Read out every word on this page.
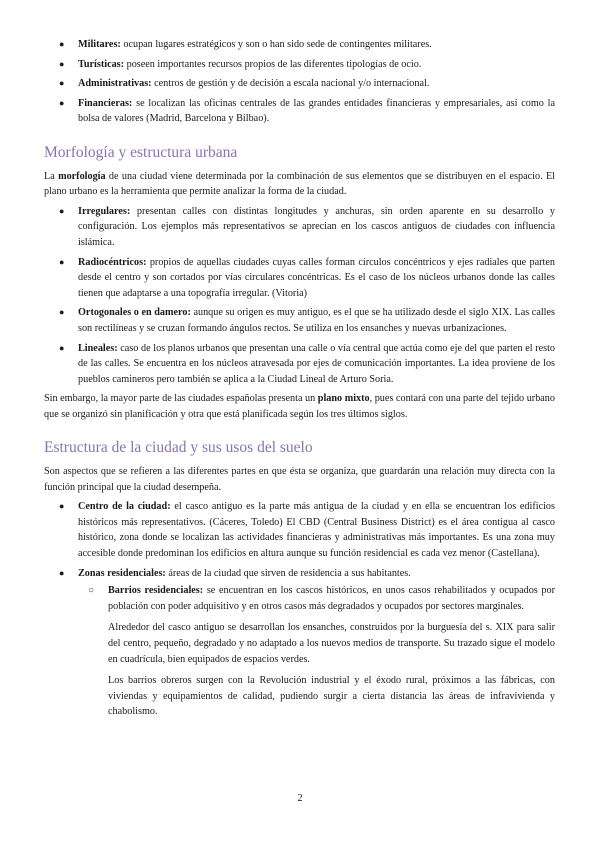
● Militares: ocupan lugares estratégicos y son o han sido sede de contingentes militares.
● Turísticas: poseen importantes recursos propios de las diferentes tipologías de ocio.
● Administrativas: centros de gestión y de decisión a escala nacional y/o internacional.
● Financieras: se localizan las oficinas centrales de las grandes entidades financieras y empresariales, así como la bolsa de valores (Madrid, Barcelona y Bilbao).
Morfología y estructura urbana

La morfología de una ciudad viene determinada por la combinación de sus elementos que se distribuyen en el espacio. El plano urbano es la herramienta que permite analizar la forma de la ciudad.

● Irregulares: presentan calles con distintas longitudes y anchuras, sin orden aparente en su desarrollo y configuración. Los ejemplos más representativos se aprecian en los cascos antiguos de ciudades con influencia islámica.
● Radiocéntricos: propios de aquellas ciudades cuyas calles forman círculos concéntricos y ejes radiales que parten desde el centro y son cortados por vías circulares concéntricas. Es el caso de los núcleos urbanos donde las calles tienen que adaptarse a una topografía irregular. (Vitoria)
● Ortogonales o en damero: aunque su origen es muy antiguo, es el que se ha utilizado desde el siglo XIX. Las calles son rectilíneas y se cruzan formando ángulos rectos. Se utiliza en los ensanches y nuevas urbanizaciones.
● Lineales: caso de los planos urbanos que presentan una calle o vía central que actúa como eje del que parten el resto de las calles. Se encuentra en los núcleos atravesada por ejes de comunicación importantes. La idea proviene de los pueblos camineros pero también se aplica a la Ciudad Lineal de Arturo Soria.

Sin embargo, la mayor parte de las ciudades españolas presenta un plano mixto, pues contará con una parte del tejido urbano que se organizó sin planificación y otra que está planificada según los tres últimos siglos.

Estructura de la ciudad y sus usos del suelo

Son aspectos que se refieren a las diferentes partes en que ésta se organiza, que guardarán una relación muy directa con la función principal que la ciudad desempeña.

● Centro de la ciudad: el casco antiguo es la parte más antigua de la ciudad y en ella se encuentran los edificios históricos más representativos. (Cáceres, Toledo) El CBD (Central Business District) es el área contigua al casco histórico, zona donde se localizan las actividades financieras y administrativas más importantes. Es una zona muy accesible donde predominan los edificios en altura aunque su función residencial es cada vez menor (Castellana).
● Zonas residenciales: áreas de la ciudad que sirven de residencia a sus habitantes.
○ Barrios residenciales: se encuentran en los cascos históricos, en unos casos rehabilitados y ocupados por población con poder adquisitivo y en otros casos más degradados y ocupados por sectores marginales.

Alrededor del casco antiguo se desarrollan los ensanches, construidos por la burguesía del s. XIX para salir del centro, pequeño, degradado y no adaptado a los nuevos medios de transporte. Su trazado sigue el modelo en cuadrícula, bien equipados de espacios verdes.

Los barrios obreros surgen con la Revolución industrial y el éxodo rural, próximos a las fábricas, con viviendas y equipamientos de calidad, pudiendo surgir a cierta distancia las áreas de infravivienda y chabolismo.

2
